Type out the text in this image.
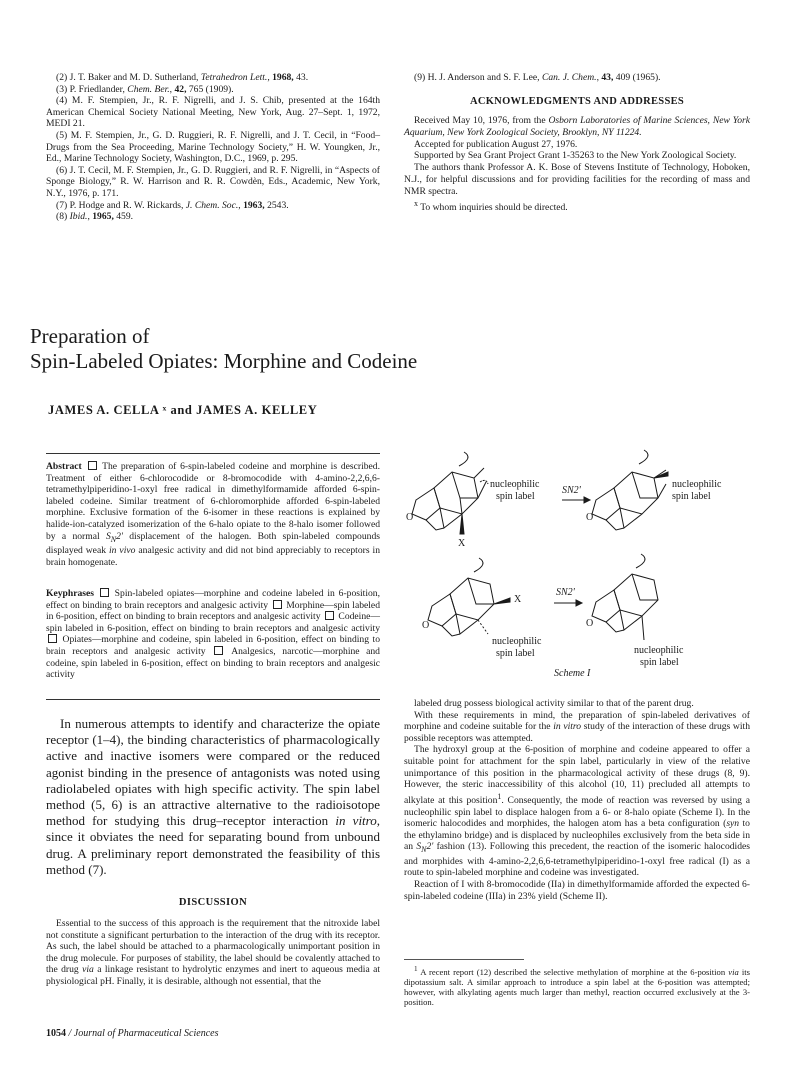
(2) J. T. Baker and M. D. Sutherland, Tetrahedron Lett., 1968, 43.

(3) P. Friedlander, Chem. Ber., 42, 765 (1909).

(4) M. F. Stempien, Jr., R. F. Nigrelli, and J. S. Chib, presented at the 164th American Chemical Society National Meeting, New York, Aug. 27–Sept. 1, 1972, MEDI 21.

(5) M. F. Stempien, Jr., G. D. Ruggieri, R. F. Nigrelli, and J. T. Cecil, in “Food–Drugs from the Sea Proceeding, Marine Technology Society,” H. W. Youngken, Jr., Ed., Marine Technology Society, Washington, D.C., 1969, p. 295.

(6) J. T. Cecil, M. F. Stempien, Jr., G. D. Ruggieri, and R. F. Nigrelli, in “Aspects of Sponge Biology,” R. W. Harrison and R. R. Cowdèn, Eds., Academic, New York, N.Y., 1976, p. 171.

(7) P. Hodge and R. W. Rickards, J. Chem. Soc., 1963, 2543.

(8) Ibid., 1965, 459.

(9) H. J. Anderson and S. F. Lee, Can. J. Chem., 43, 409 (1965).

ACKNOWLEDGMENTS AND ADDRESSES

Received May 10, 1976, from the Osborn Laboratories of Marine Sciences, New York Aquarium, New York Zoological Society, Brooklyn, NY 11224.

Accepted for publication August 27, 1976.

Supported by Sea Grant Project Grant 1-35263 to the New York Zoological Society.

The authors thank Professor A. K. Bose of Stevens Institute of Technology, Hoboken, N.J., for helpful discussions and for providing facilities for the recording of mass and NMR spectra.

$^x$ To whom inquiries should be directed.

Preparation of
Spin-Labeled Opiates: Morphine and Codeine
JAMES A. CELLA ˣ and JAMES A. KELLEY

Abstract  The preparation of 6-spin-labeled codeine and morphine is described. Treatment of either 6-chlorocodide or 8-bromocodide with 4-amino-2,2,6,6-tetramethylpiperidino-1-oxyl free radical in dimethylformamide afforded 6-spin-labeled codeine. Similar treatment of 6-chloromorphide afforded 6-spin-labeled morphine. Exclusive formation of the 6-isomer in these reactions is explained by halide-ion-catalyzed isomerization of the 6-halo opiate to the 8-halo isomer followed by a normal $S_N2'$ displacement of the halogen. Both spin-labeled compounds displayed weak in vivo analgesic activity and did not bind appreciably to receptors in brain homogenate.

Keyphrases  Spin-labeled opiates—morphine and codeine labeled in 6-position, effect on binding to brain receptors and analgesic activity  Morphine—spin labeled in 6-position, effect on binding to brain receptors and analgesic activity  Codeine—spin labeled in 6-position, effect on binding to brain receptors and analgesic activity  Opiates—morphine and codeine, spin labeled in 6-position, effect on binding to brain receptors and analgesic activity  Analgesics, narcotic—morphine and codeine, spin labeled in 6-position, effect on binding to brain receptors and analgesic activity

In numerous attempts to identify and characterize the opiate receptor (1–4), the binding characteristics of pharmacologically active and inactive isomers were compared or the reduced agonist binding in the presence of antagonists was noted using radiolabeled opiates with high specific activity. The spin label method (5, 6) is an attractive alternative to the radioisotope method for studying this drug–receptor interaction in vitro, since it obviates the need for separating bound from unbound drug. A preliminary report demonstrated the feasibility of this method (7).

DISCUSSION

Essential to the success of this approach is the requirement that the nitroxide label not constitute a significant perturbation to the interaction of the drug with its receptor. As such, the label should be attached to a pharmacologically unimportant position in the drug molecule. For purposes of stability, the label should be covalently attached to the drug via a linkage resistant to hydrolytic enzymes and inert to aqueous media at physiological pH. Finally, it is desirable, although not essential, that the

nucleophilic
spin label
SN2'
nucleophilic
spin label
X
O	O
X
SN2'
O	O
nucleophilic
spin label	nucleophilic
spin label
Scheme I

labeled drug possess biological activity similar to that of the parent drug.

With these requirements in mind, the preparation of spin-labeled derivatives of morphine and codeine suitable for the in vitro study of the interaction of these drugs with possible receptors was attempted.

The hydroxyl group at the 6-position of morphine and codeine appeared to offer a suitable point for attachment for the spin label, particularly in view of the relative unimportance of this position in the pharmacological activity of these drugs (8, 9). However, the steric inaccessibility of this alcohol (10, 11) precluded all attempts to alkylate at this position$^1$. Consequently, the mode of reaction was reversed by using a nucleophilic spin label to displace halogen from a 6- or 8-halo opiate (Scheme I). In the isomeric halocodides and morphides, the halogen atom has a beta configuration (syn to the ethylamino bridge) and is displaced by nucleophiles exclusively from the beta side in an $S_N2'$ fashion (13). Following this precedent, the reaction of the isomeric halocodides and morphides with 4-amino-2,2,6,6-tetramethylpiperidino-1-oxyl free radical (I) as a route to spin-labeled morphine and codeine was investigated.

Reaction of I with 8-bromocodide (IIa) in dimethylformamide afforded the expected 6-spin-labeled codeine (IIIa) in 23% yield (Scheme II).

$^1$ A recent report (12) described the selective methylation of morphine at the 6-position via its dipotassium salt. A similar approach to introduce a spin label at the 6-position was attempted; however, with alkylating agents much larger than methyl, reaction occurred exclusively at the 3-position.

1054 / Journal of Pharmaceutical Sciences
